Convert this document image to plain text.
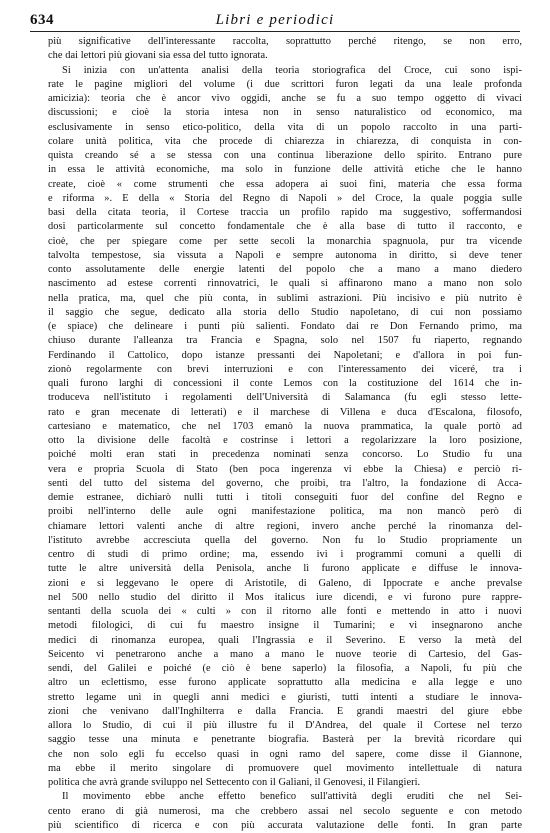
634	Libri e periodici
più significative dell'interessante raccolta, soprattutto perché ritengo, se non erro,
che dai lettori più giovani sia essa del tutto ignorata.
Si inizia con un'attenta analisi della teoria storiografica del Croce, cui sono ispi-
rate le pagine migliori del volume (i due scrittori furon legati da una leale profonda
amicizia): teoria che è ancor vivo oggidì, anche se fu a suo tempo oggetto di vivaci
discussioni; e cioè la storia intesa non in senso naturalistico od economico, ma
esclusivamente in senso etico-politico, della vita di un popolo raccolto in una parti-
colare unità politica, vita che procede di chiarezza in chiarezza, di conquista in con-
quista creando sé a se stessa con una continua liberazione dello spirito. Entrano pure
in essa le attività economiche, ma solo in funzione delle attività etiche che le hanno
create, cioè « come strumenti che essa adopera ai suoi fini, materia che essa forma
e riforma ». E della « Storia del Regno di Napoli » del Croce, la quale poggia sulle
basi della citata teoria, il Cortese traccia un profilo rapido ma suggestivo, soffermandosi
dosi particolarmente sul concetto fondamentale che è alla base di tutto il racconto, e
cioè, che per spiegare come per sette secoli la monarchia spagnuola, pur tra vicende
talvolta tempestose, sia vissuta a Napoli e sempre autonoma in diritto, si deve tener
conto assolutamente delle energie latenti del popolo che a mano a mano diedero
nascimento ad estese correnti rinnovatrici, le quali si affinarono mano a mano non solo
nella pratica, ma, quel che più conta, in sublimi astrazioni. Più incisivo e più nutrito è
il saggio che segue, dedicato alla storia dello Studio napoletano, di cui non possiamo
(e spiace) che delineare i punti più salienti. Fondato dai re Don Fernando primo, ma
chiuso durante l'alleanza tra Francia e Spagna, solo nel 1507 fu riaperto, regnando
Ferdinando il Cattolico, dopo istanze pressanti dei Napoletani; e d'allora in poi fun-
zionò regolarmente con brevi interruzioni e con l'interessamento dei viceré, tra i
quali furono larghi di concessioni il conte Lemos con la costituzione del 1614 che in-
troduceva nell'istituto i regolamenti dell'Università di Salamanca (fu egli stesso lette-
rato e gran mecenate di letterati) e il marchese di Villena e duca d'Escalona, filosofo,
cartesiano e matematico, che nel 1703 emanò la nuova prammatica, la quale portò ad
otto la divisione delle facoltà e costrinse i lettori a regolarizzare la loro posizione,
poiché molti eran stati in precedenza nominati senza concorso. Lo Studio fu una
vera e propria Scuola di Stato (ben poca ingerenza vi ebbe la Chiesa) e perciò ri-
senti del tutto del sistema del governo, che proibì, tra l'altro, la fondazione di Acca-
demie estranee, dichiarò nulli tutti i titoli conseguiti fuor del confine del Regno e
proibì nell'interno delle aule ogni manifestazione politica, ma non mancò però di
chiamare lettori valenti anche di altre regioni, invero anche perché la rinomanza del-
l'istituto avrebbe accresciuta quella del governo. Non fu lo Studio propriamente un
centro di studi di primo ordine; ma, essendo ivi i programmi comuni a quelli di
tutte le altre università della Penisola, anche lì furono applicate e diffuse le innova-
zioni e si leggevano le opere di Aristotile, di Galeno, di Ippocrate e anche prevalse
nel 500 nello studio del diritto il Mos italicus iure dicendi, e vi furono pure rappre-
sentanti della scuola dei « culti » con il ritorno alle fonti e mettendo in atto i nuovi
metodi filologici, di cui fu maestro insigne il Tumarini; e vi insegnarono anche
medici di rinomanza europea, quali l'Ingrassia e il Severino. E verso la metà del
Seicento vi penetrarono anche a mano a mano le nuove teorie di Cartesio, del Gas-
sendi, del Galilei e poiché (e ciò è bene saperlo) la filosofia, a Napoli, fu più che
altro un eclettismo, esse furono applicate soprattutto alla medicina e alla legge e uno
stretto legame unì in quegli anni medici e giuristi, tutti intenti a studiare le innova-
zioni che venivano dall'Inghilterra e dalla Francia. E grandi maestri del giure ebbe
allora lo Studio, di cui il più illustre fu il D'Andrea, del quale il Cortese nel terzo
saggio tesse una minuta e penetrante biografia. Basterà per la brevità ricordare qui
che non solo egli fu eccelso quasi in ogni ramo del sapere, come disse il Giannone,
ma ebbe il merito singolare di promuovere quel movimento intellettuale di natura
politica che avrà grande sviluppo nel Settecento con il Galiani, il Genovesi, il Filangieri.
Il movimento ebbe anche effetto benefico sull'attività degli eruditi che nel Sei-
cento erano di già numerosi, ma che crebbero assai nel secolo seguente e con metodo
più scientifico di ricerca e con più accurata valutazione delle fonti. In gran parte
